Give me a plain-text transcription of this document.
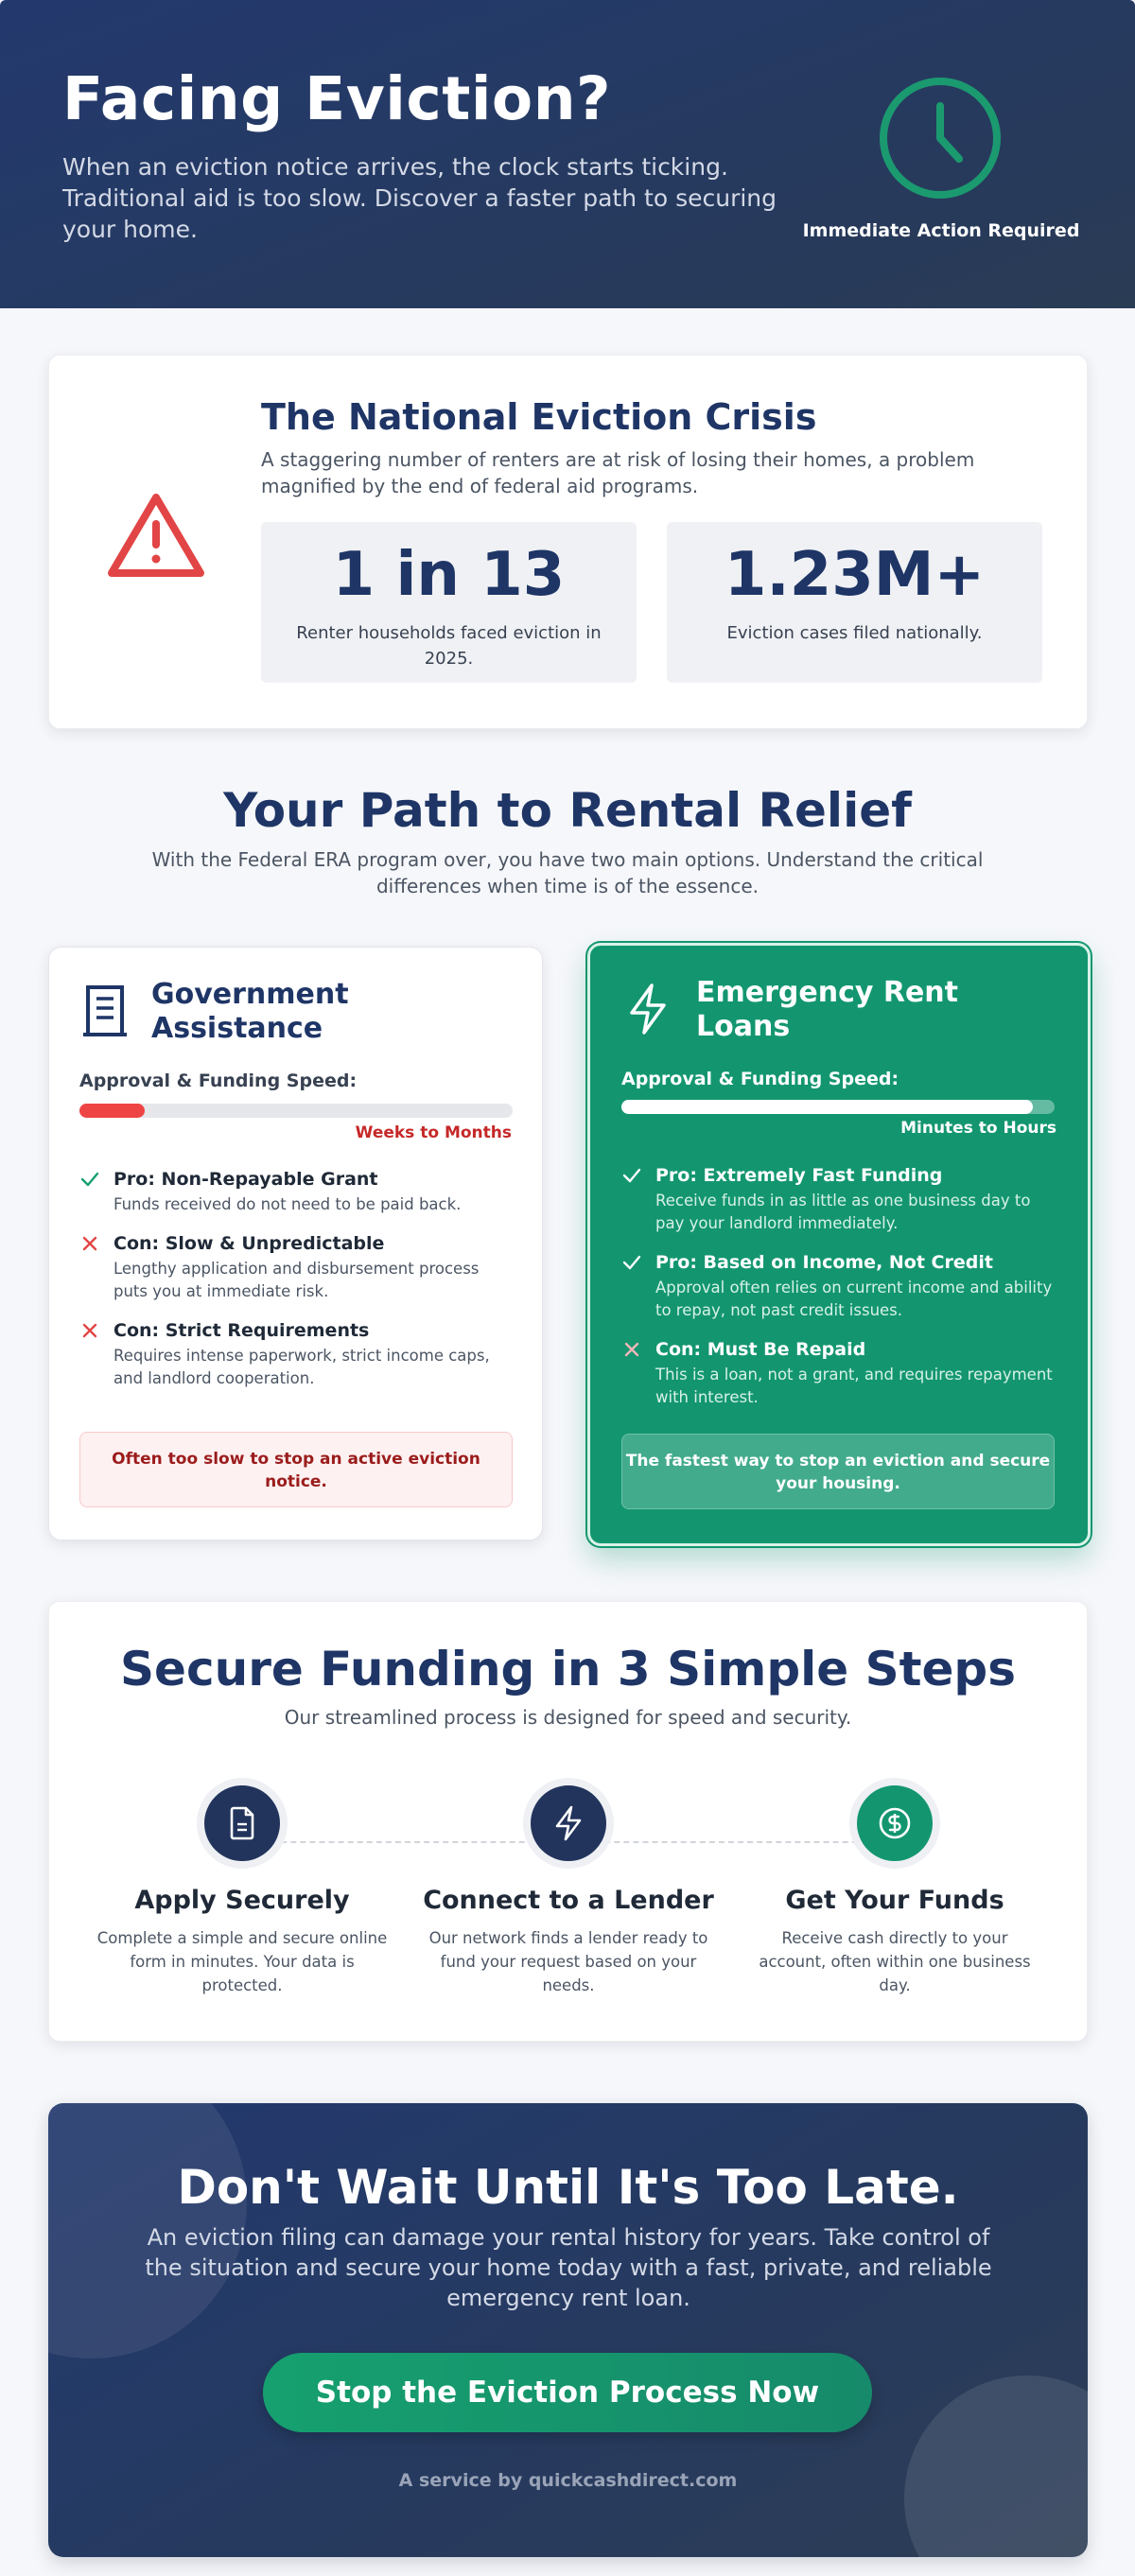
Facing Eviction?

When an eviction notice arrives, the clock starts ticking. Traditional aid is too slow. Discover a faster path to securing your home.	Immediate Action Required
The National Eviction Crisis

A staggering number of renters are at risk of losing their homes, a problem magnified by the end of federal aid programs.

1 in 13
Renter households faced eviction in 2025.
1.23M+
Eviction cases filed nationally.
Your Path to Rental Relief

With the Federal ERA program over, you have two main options. Understand the critical differences when time is of the essence.

Government Assistance
Approval & Funding Speed:
Weeks to Months
Pro: Non-Repayable Grant
Funds received do not need to be paid back.
Con: Slow & Unpredictable
Lengthy application and disbursement process puts you at immediate risk.
Con: Strict Requirements
Requires intense paperwork, strict income caps, and landlord cooperation.
Often too slow to stop an active eviction notice.
Emergency Rent Loans
Approval & Funding Speed:
Minutes to Hours
Pro: Extremely Fast Funding
Receive funds in as little as one business day to pay your landlord immediately.
Pro: Based on Income, Not Credit
Approval often relies on current income and ability to repay, not past credit issues.
Con: Must Be Repaid
This is a loan, not a grant, and requires repayment with interest.
The fastest way to stop an eviction and secure your housing.
Secure Funding in 3 Simple Steps

Our streamlined process is designed for speed and security.

Apply Securely
Complete a simple and secure online form in minutes. Your data is protected.
Connect to a Lender
Our network finds a lender ready to fund your request based on your needs.
Get Your Funds
Receive cash directly to your account, often within one business day.
Don't Wait Until It's Too Late.

An eviction filing can damage your rental history for years. Take control of the situation and secure your home today with a fast, private, and reliable emergency rent loan.

Stop the Eviction Process Now
A service by quickcashdirect.com
